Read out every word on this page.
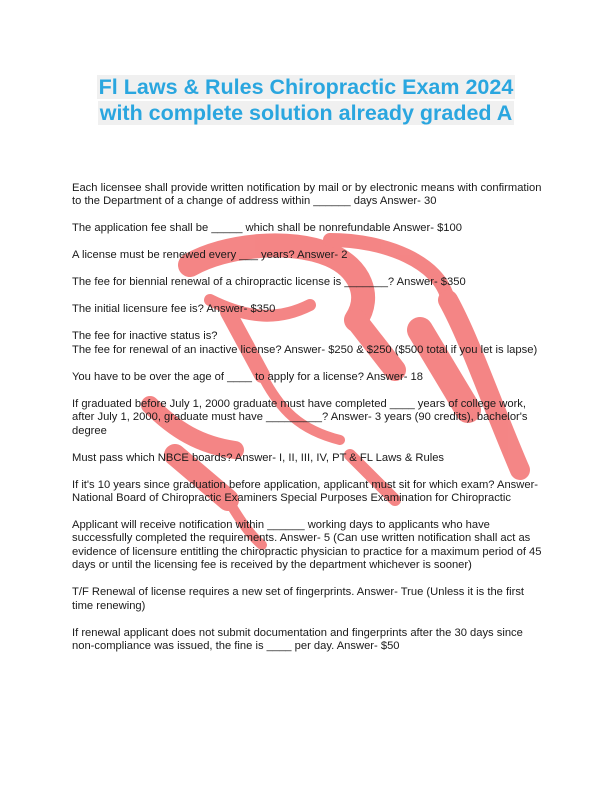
Fl Laws & Rules Chiropractic Exam 2024
with complete solution already graded A

Each licensee shall provide written notification by mail or by electronic means with confirmation to the Department of a change of address within ______ days Answer- 30

The application fee shall be _____ which shall be nonrefundable Answer- $100

A license must be renewed every ___ years? Answer- 2

The fee for biennial renewal of a chiropractic license is _______? Answer- $350

The initial licensure fee is? Answer- $350

The fee for inactive status is?

The fee for renewal of an inactive license? Answer- $250 & $250 ($500 total if you let is lapse)

You have to be over the age of ____ to apply for a license? Answer- 18

If graduated before July 1, 2000 graduate must have completed ____ years of college work, after July 1, 2000, graduate must have _________? Answer- 3 years (90 credits), bachelor's degree

Must pass which NBCE boards? Answer- I, II, III, IV, PT & FL Laws & Rules

If it's 10 years since graduation before application, applicant must sit for which exam? Answer- National Board of Chiropractic Examiners Special Purposes Examination for Chiropractic

Applicant will receive notification within ______ working days to applicants who have successfully completed the requirements. Answer- 5 (Can use written notification shall act as evidence of licensure entitling the chiropractic physician to practice for a maximum period of 45 days or until the licensing fee is received by the department whichever is sooner)

T/F Renewal of license requires a new set of fingerprints. Answer- True (Unless it is the first time renewing)

If renewal applicant does not submit documentation and fingerprints after the 30 days since non-compliance was issued, the fine is ____ per day. Answer- $50
